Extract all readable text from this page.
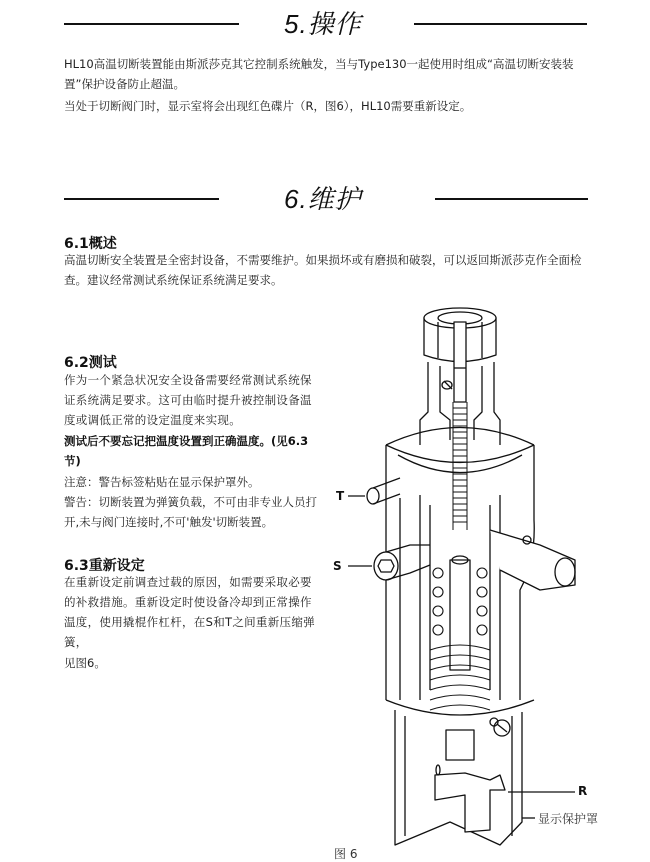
5.操作

HL10高温切断装置能由斯派莎克其它控制系统触发，当与Type130一起使用时组成“高温切断安装装置”保护设备防止超温。

当处于切断阀门时，显示室将会出现红色碟片（R，图6），HL10需要重新设定。

6.维护
6.1概述

高温切断安全装置是全密封设备，不需要维护。如果损坏或有磨损和破裂，可以返回斯派莎克作全面检查。建议经常测试系统保证系统满足要求。

6.2测试

作为一个紧急状况安全设备需要经常测试系统保证系统满足要求。这可由临时提升被控制设备温度或调低正常的设定温度来实现。

测试后不要忘记把温度设置到正确温度。(见6.3节)

注意：警告标签粘贴在显示保护罩外。

警告：切断装置为弹簧负载，不可由非专业人员打开,未与阀门连接时,不可'触发'切断装置。

6.3重新设定

在重新设定前调查过载的原因，如需要采取必要的补救措施。重新设定时使设备冷却到正常操作温度，使用撬棍作杠杆，在S和T之间重新压缩弹簧，

见图6。

T
S
R
显示保护罩
图 6
